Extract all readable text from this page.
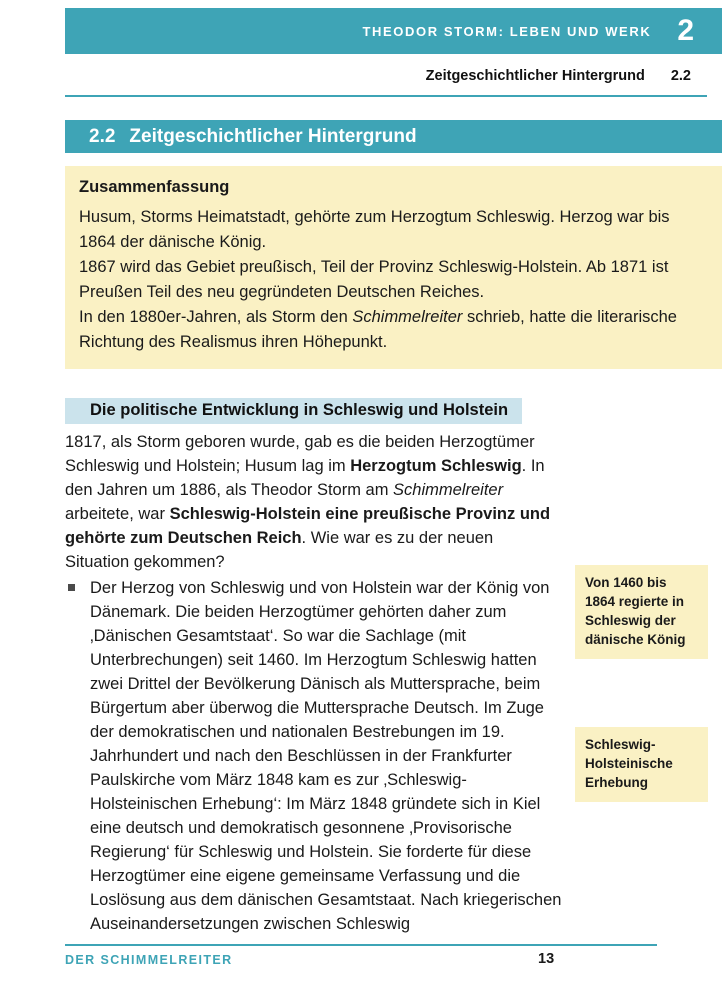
THEODOR STORM: LEBEN UND WERK 2
Zeitgeschichtlicher Hintergrund 2.2
2.2 Zeitgeschichtlicher Hintergrund
Zusammenfassung

Husum, Storms Heimatstadt, gehörte zum Herzogtum Schleswig. Herzog war bis 1864 der dänische König.

1867 wird das Gebiet preußisch, Teil der Provinz Schleswig-Holstein. Ab 1871 ist Preußen Teil des neu gegründeten Deutschen Reiches.

In den 1880er-Jahren, als Storm den Schimmelreiter schrieb, hatte die literarische Richtung des Realismus ihren Höhepunkt.

Die politische Entwicklung in Schleswig und Holstein

1817, als Storm geboren wurde, gab es die beiden Herzogtümer Schleswig und Holstein; Husum lag im Herzogtum Schleswig. In den Jahren um 1886, als Theodor Storm am Schimmelreiter arbeitete, war Schleswig-Holstein eine preußische Provinz und gehörte zum Deutschen Reich. Wie war es zu der neuen Situation gekommen?

Der Herzog von Schleswig und von Holstein war der König von Dänemark. Die beiden Herzogtümer gehörten daher zum ‚Dänischen Gesamtstaat‘. So war die Sachlage (mit Unterbrechungen) seit 1460. Im Herzogtum Schleswig hatten zwei Drittel der Bevölkerung Dänisch als Muttersprache, beim Bürgertum aber überwog die Muttersprache Deutsch. Im Zuge der demokratischen und nationalen Bestrebungen im 19. Jahrhundert und nach den Beschlüssen in der Frankfurter Paulskirche vom März 1848 kam es zur ‚Schleswig-Holsteinischen Erhebung‘: Im März 1848 gründete sich in Kiel eine deutsch und demokratisch gesonnene ‚Provisorische Regierung‘ für Schleswig und Holstein. Sie forderte für diese Herzogtümer eine eigene gemeinsame Verfassung und die Loslösung aus dem dänischen Gesamtstaat. Nach kriegerischen Auseinandersetzungen zwischen Schleswig
Von 1460 bis 1864 regierte in Schleswig der dänische König
Schleswig-Holsteinische Erhebung
DER SCHIMMELREITER	13
